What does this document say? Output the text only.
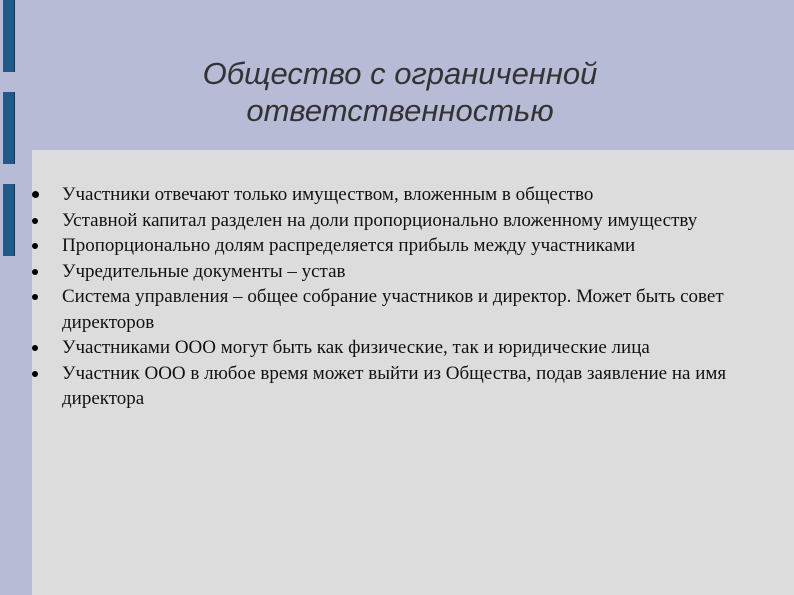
Общество с ограниченной ответственностью
Участники отвечают только имуществом, вложенным в общество
Уставной капитал разделен на доли пропорционально вложенному имуществу
Пропорционально долям распределяется прибыль между участниками
Учредительные документы – устав
Система управления – общее собрание участников и директор. Может быть совет директоров
Участниками ООО могут быть как физические, так и юридические лица
Участник ООО в любое время может выйти из Общества, подав заявление на имя директора
